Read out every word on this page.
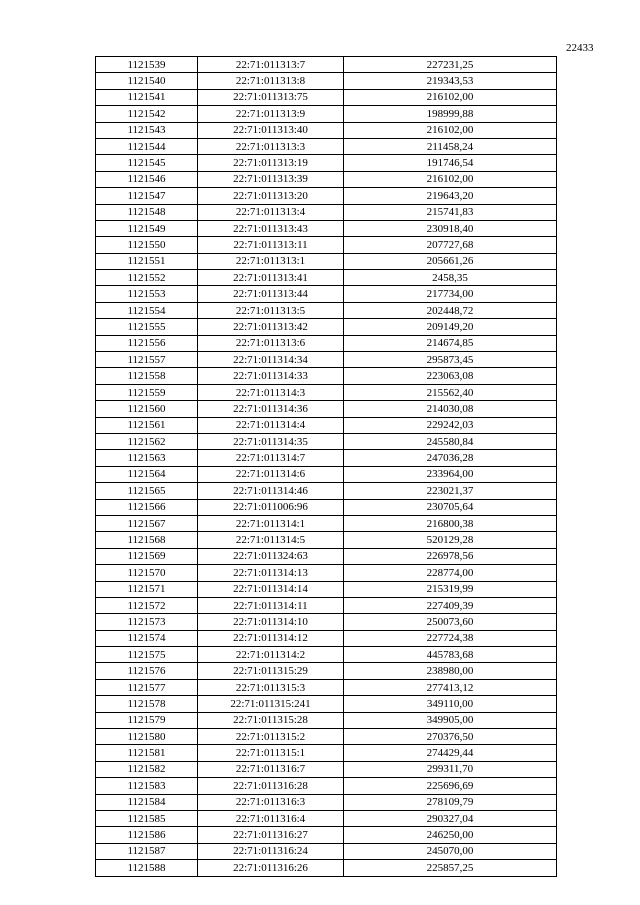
22433
1121539	22:71:011313:7	227231,25
1121540	22:71:011313:8	219343,53
1121541	22:71:011313:75	216102,00
1121542	22:71:011313:9	198999,88
1121543	22:71:011313:40	216102,00
1121544	22:71:011313:3	211458,24
1121545	22:71:011313:19	191746,54
1121546	22:71:011313:39	216102,00
1121547	22:71:011313:20	219643,20
1121548	22:71:011313:4	215741,83
1121549	22:71:011313:43	230918,40
1121550	22:71:011313:11	207727,68
1121551	22:71:011313:1	205661,26
1121552	22:71:011313:41	2458,35
1121553	22:71:011313:44	217734,00
1121554	22:71:011313:5	202448,72
1121555	22:71:011313:42	209149,20
1121556	22:71:011313:6	214674,85
1121557	22:71:011314:34	295873,45
1121558	22:71:011314:33	223063,08
1121559	22:71:011314:3	215562,40
1121560	22:71:011314:36	214030,08
1121561	22:71:011314:4	229242,03
1121562	22:71:011314:35	245580,84
1121563	22:71:011314:7	247036,28
1121564	22:71:011314:6	233964,00
1121565	22:71:011314:46	223021,37
1121566	22:71:011006:96	230705,64
1121567	22:71:011314:1	216800,38
1121568	22:71:011314:5	520129,28
1121569	22:71:011324:63	226978,56
1121570	22:71:011314:13	228774,00
1121571	22:71:011314:14	215319,99
1121572	22:71:011314:11	227409,39
1121573	22:71:011314:10	250073,60
1121574	22:71:011314:12	227724,38
1121575	22:71:011314:2	445783,68
1121576	22:71:011315:29	238980,00
1121577	22:71:011315:3	277413,12
1121578	22:71:011315:241	349110,00
1121579	22:71:011315:28	349905,00
1121580	22:71:011315:2	270376,50
1121581	22:71:011315:1	274429,44
1121582	22:71:011316:7	299311,70
1121583	22:71:011316:28	225696,69
1121584	22:71:011316:3	278109,79
1121585	22:71:011316:4	290327,04
1121586	22:71:011316:27	246250,00
1121587	22:71:011316:24	245070,00
1121588	22:71:011316:26	225857,25
